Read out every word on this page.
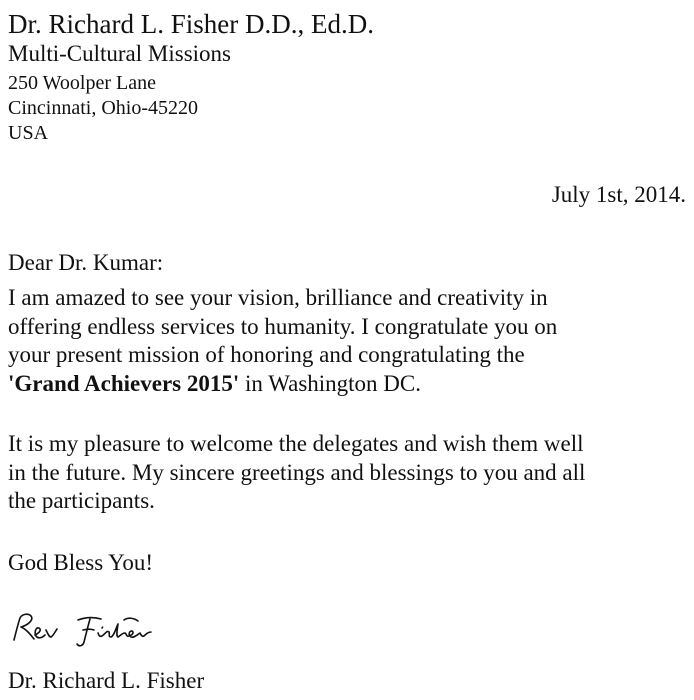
Dr. Richard L. Fisher D.D., Ed.D.
Multi-Cultural Missions
250 Woolper Lane
Cincinnati, Ohio-45220
USA
July 1st, 2014.
Dear Dr. Kumar:
I am amazed to see your vision, brilliance and creativity in
offering endless services to humanity. I congratulate you on
your present mission of honoring and congratulating the
'Grand Achievers 2015' in Washington DC.
It is my pleasure to welcome the delegates and wish them well
in the future. My sincere greetings and blessings to you and all
the participants.
God Bless You!
Dr. Richard L. Fisher
